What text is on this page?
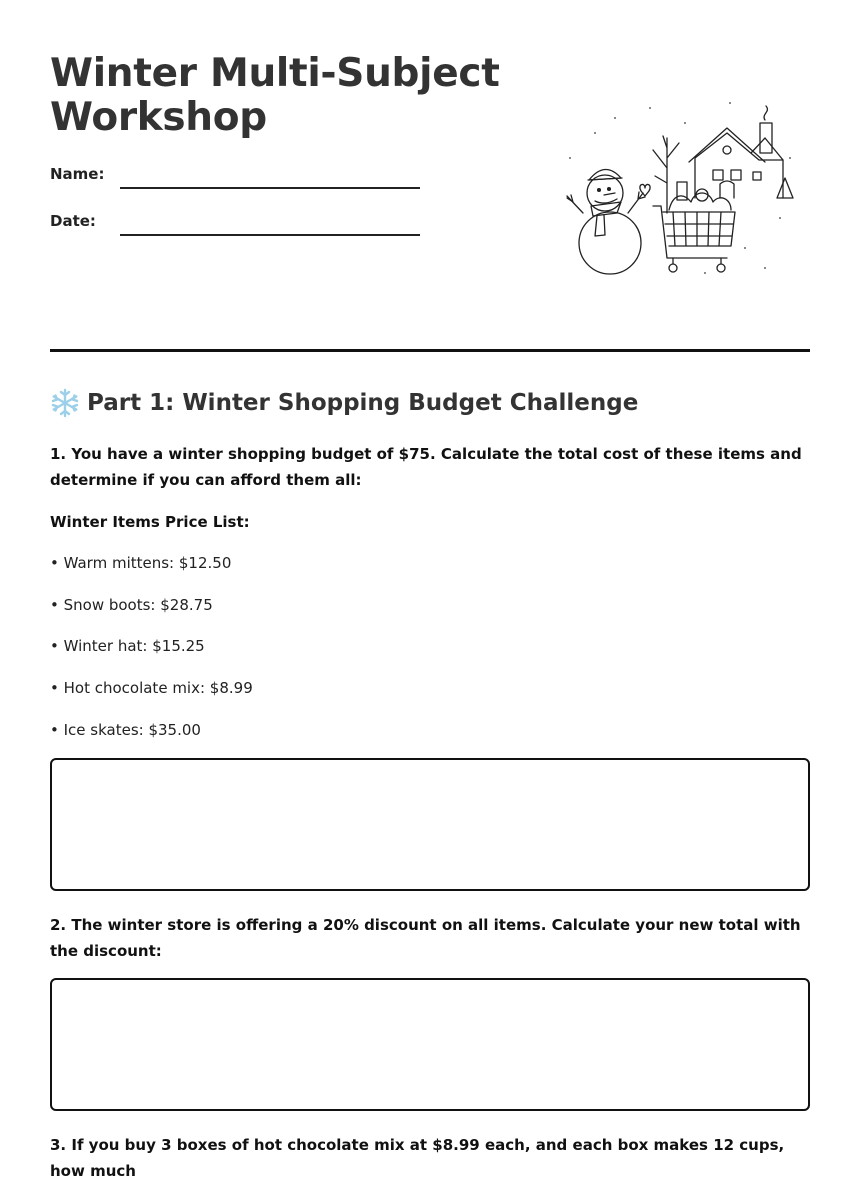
Winter Multi-Subject
Workshop
Name:
Date:
Part 1: Winter Shopping Budget Challenge

1. You have a winter shopping budget of $75. Calculate the total cost of these items and determine if you can afford them all:

Winter Items Price List:

• Warm mittens: $12.50

• Snow boots: $28.75

• Winter hat: $15.25

• Hot chocolate mix: $8.99

• Ice skates: $35.00

2. The winter store is offering a 20% discount on all items. Calculate your new total with the discount:

3. If you buy 3 boxes of hot chocolate mix at $8.99 each, and each box makes 12 cups, how much
